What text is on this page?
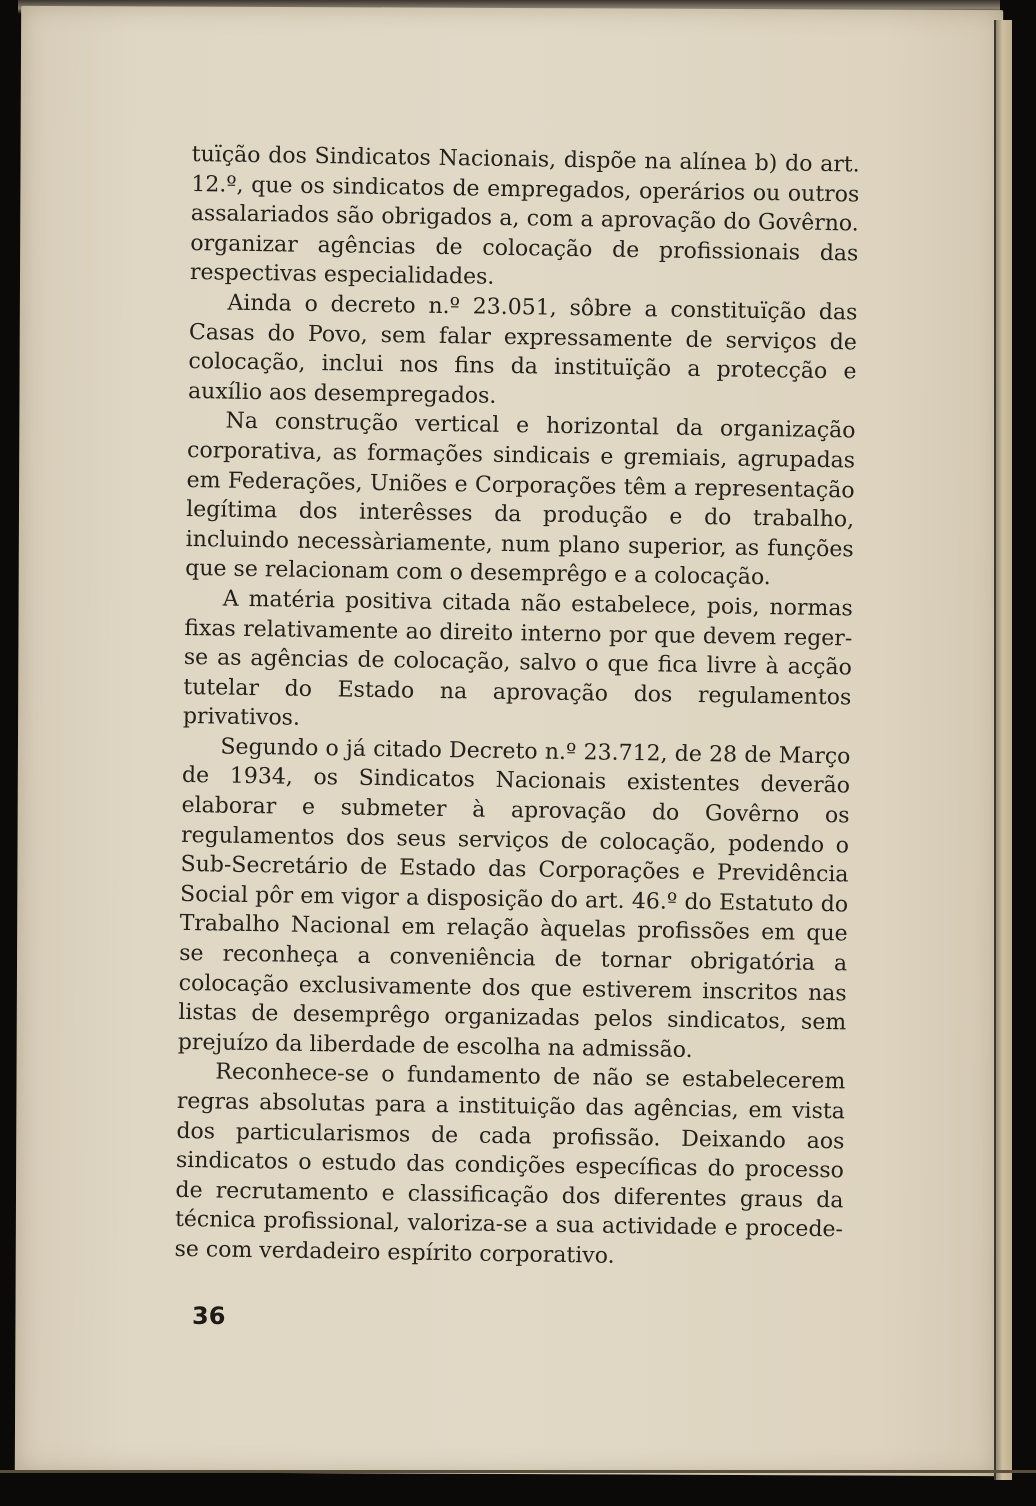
tuïção dos Sindicatos Nacionais, dispõe na alínea b) do art. 12.º, que os sindicatos de empregados, operários ou outros assalariados são obrigados a, com a aprovação do Govêrno. organizar agências de colocação de profissionais das respectivas especialidades.

Ainda o decreto n.º 23.051, sôbre a constituïção das Casas do Povo, sem falar expressamente de serviços de colocação, inclui nos fins da instituïção a protecção e auxílio aos desempregados.

Na construção vertical e horizontal da organização corporativa, as formações sindicais e gremiais, agrupadas em Federações, Uniões e Corporações têm a representação legítima dos interêsses da produção e do trabalho, incluindo necessàriamente, num plano superior, as funções que se relacionam com o desemprêgo e a colocação.

A matéria positiva citada não estabelece, pois, normas fixas relativamente ao direito interno por que devem reger-se as agências de colocação, salvo o que fica livre à acção tutelar do Estado na aprovação dos regulamentos privativos.

Segundo o já citado Decreto n.º 23.712, de 28 de Março de 1934, os Sindicatos Nacionais existentes deverão elaborar e submeter à aprovação do Govêrno os regulamentos dos seus serviços de colocação, podendo o Sub-Secretário de Estado das Corporações e Previdência Social pôr em vigor a disposição do art. 46.º do Estatuto do Trabalho Nacional em relação àquelas profissões em que se reconheça a conveniência de tornar obrigatória a colocação exclusivamente dos que estiverem inscritos nas listas de desemprêgo organizadas pelos sindicatos, sem prejuízo da liberdade de escolha na admissão.

Reconhece-se o fundamento de não se estabelecerem regras absolutas para a instituição das agências, em vista dos particularismos de cada profissão. Deixando aos sindicatos o estudo das condições específicas do processo de recrutamento e classificação dos diferentes graus da técnica profissional, valoriza-se a sua actividade e procede-se com verdadeiro espírito corporativo.

36
